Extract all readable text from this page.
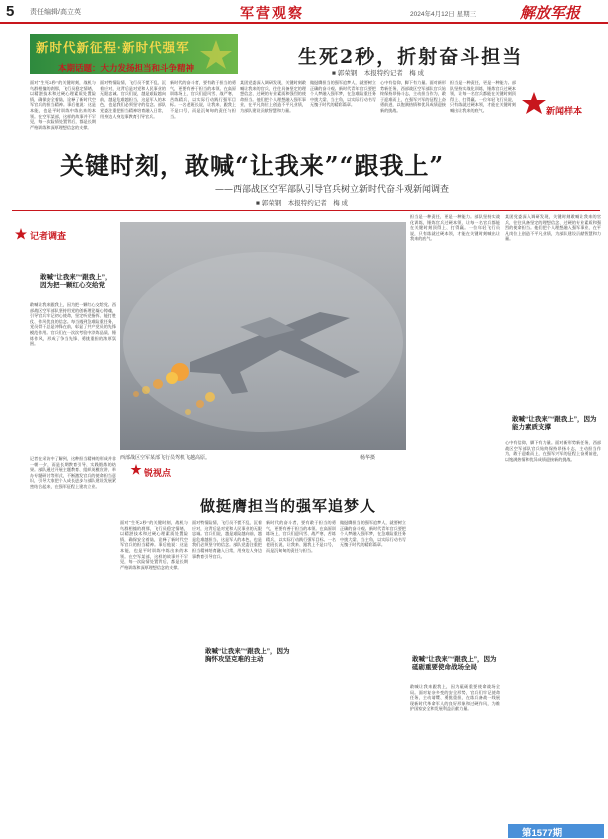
5 责任编辑/高立英	军营观察	2024年4月12日 星期三	解放军报
新时代新征程·新时代强军
本期话题：大力发扬担当和斗争精神	生死2秒，折射奋斗担当
■ 郭荣钢　本报特约记者　梅 成
面对“生死2秒”的关键时刻，战机与鸟群相撞的刹那，飞行员稳定情绪，以精湛技术和过硬心理素质处置险情，确保安全着陆，诠释了新时代空军官兵的担当精神。事后他说：这是本能，也是平时训练中练出来的本领。在空军某部，这样的故事并不罕见，每一次险情处置背后，都是长期严格训练和深厚理想信念的支撑。
面对特情险情，飞行员不慌不乱、沉着应对，这背后是对党和人民事业的无限忠诚。官兵们说，越是艰险越向前，越是危难越担当，这是军人的本色，也是我们必须坚守的信念。部队党委注重把担当精神培育融入日常，用身边人身边事教育引导官兵。
新时代的奋斗者，要有敢于担当的勇气，更要有善于担当的本领。在高原训练场上，官兵们迎风雪、战严寒，苦练精兵，以实际行动践行强军目标。一名老班长说，让我来、跟我上不是口号，而是沉甸甸的责任与担当。
某团党委深入调研发现，关键时刻敢喊让我来的官兵，往往具备坚定的理想信念、过硬的专业素质和强烈的使命担当。他们把个人理想融入强军事业，在平凡岗位上创造不平凡业绩，为部队建设贡献智慧和力量。
做挺膺担当的强军追梦人，就要树立正确的奋斗观。新时代青年官兵要把个人梦融入强军梦，在急难险重任务中挑大梁、当主角，以实际行动书写无愧于时代的精彩篇章。
心中有信仰，脚下有力量。面对新形势新任务，西部战区空军部队官兵始终保持昂扬斗志，主动担当作为，敢于迎难而上，在强军兴军的征程上奋勇前进，以饱满热情和优异成绩迎接新的挑战。
担当是一种责任，更是一种能力。部队坚持实战化训练，锤炼官兵过硬本领，让每一名官兵都能在关键时刻顶得上、打得赢。一位年轻飞行员说，只有练就过硬本领，才能在关键时刻喊出让我来的底气。	新闻样本
关键时刻，敢喊“让我来”“跟我上”
——西部战区空军部队引导官兵树立新时代奋斗观新闻调查
■ 郭荣钢　本报特约记者　梅 成
记者调查
敢喊“让我来”“跟我上”，因为把一颗红心交给党
敢喊让我来跟我上，因为把一颗红心交给党。西部战区空军部队坚持用党的创新理论凝心铸魂，引导官兵牢记初心使命，坚定听党指挥、能打胜仗、作风优良的信念。每当遇到急难险重任务，党员骨干总是冲锋在前，彰显了共产党员的先锋模范作用。官兵们在一次次考验中淬炼品质、锤炼作风，形成了争当先锋、勇挑重担的浓厚氛围。
记者在采访中了解到，这种担当精神的形成并非一朝一夕，而是长期教育引导、实践锻炼的结果。部队通过开展主题教育、组织英模宣讲、举办专题研讨等形式，不断激发官兵的使命担当意识，引导大家把个人成长进步与部队建设发展紧密结合起来，在强军征程上建功立业。
西部战区空军某部飞行员驾机飞越高原。	杨华摄
担当是一种责任，更是一种能力。部队坚持实战化训练，锤炼官兵过硬本领，让每一名官兵都能在关键时刻顶得上、打得赢。一位年轻飞行员说，只有练就过硬本领，才能在关键时刻喊出让我来的底气。
某团党委深入调研发现，关键时刻敢喊让我来的官兵，往往具备坚定的理想信念、过硬的专业素质和强烈的使命担当。他们把个人理想融入强军事业，在平凡岗位上创造不平凡业绩，为部队建设贡献智慧和力量。
敢喊“让我来”“跟我上”，因为能力素质支撑
心中有信仰，脚下有力量。面对新形势新任务，西部战区空军部队官兵始终保持昂扬斗志，主动担当作为，敢于迎难而上，在强军兴军的征程上奋勇前进，以饱满热情和优异成绩迎接新的挑战。
锐视点
做挺膺担当的强军追梦人
面对“生死2秒”的关键时刻，战机与鸟群相撞的刹那，飞行员稳定情绪，以精湛技术和过硬心理素质处置险情，确保安全着陆，诠释了新时代空军官兵的担当精神。事后他说：这是本能，也是平时训练中练出来的本领。在空军某部，这样的故事并不罕见，每一次险情处置背后，都是长期严格训练和深厚理想信念的支撑。
面对特情险情，飞行员不慌不乱、沉着应对，这背后是对党和人民事业的无限忠诚。官兵们说，越是艰险越向前，越是危难越担当，这是军人的本色，也是我们必须坚守的信念。部队党委注重把担当精神培育融入日常，用身边人身边事教育引导官兵。
新时代的奋斗者，要有敢于担当的勇气，更要有善于担当的本领。在高原训练场上，官兵们迎风雪、战严寒，苦练精兵，以实际行动践行强军目标。一名老班长说，让我来、跟我上不是口号，而是沉甸甸的责任与担当。
做挺膺担当的强军追梦人，就要树立正确的奋斗观。新时代青年官兵要把个人梦融入强军梦，在急难险重任务中挑大梁、当主角，以实际行动书写无愧于时代的精彩篇章。
敢喊“让我来”“跟我上”，因为胸怀攻坚克难的主动	敢喊“让我来”“跟我上”，因为砥砺重要使命战场全局
敢喊让我来跟我上，因为砥砺重要使命战场全局。面对复杂多变的安全形势，官兵们牢记使命任务，主动请缨、勇挑重担，在练兵备战一线展现新时代革命军人的良好形象和过硬作风，为维护国家安全和发展利益贡献力量。
第1577期
